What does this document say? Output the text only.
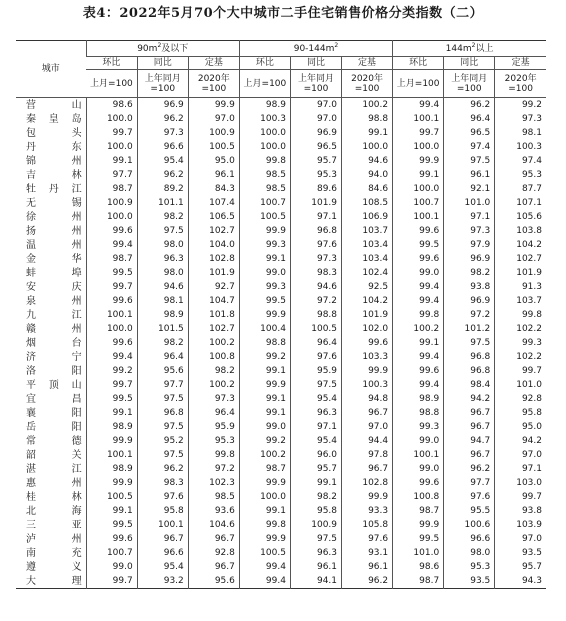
表4：2022年5月70个大中城市二手住宅销售价格分类指数（二）
城市	$90m^2$及以下			$90-144m^2$			$144m^2$以上		
	环比	同比	定基	环比	同比	定基	环比	同比	定基
	上月=100	上年同月=100	2020年=100	上月=100	上年同月=100	2020年=100	上月=100	上年同月=100	2020年=100
营　　山	98.6	96.9	99.9	98.9	97.0	100.2	99.4	96.2	99.2
秦皇岛	100.0	96.2	97.0	100.3	97.0	98.8	100.1	96.4	97.3
包　　头	99.7	97.3	100.9	100.0	96.9	99.1	99.7	96.5	98.1
丹　　东	100.0	96.6	100.5	100.0	96.5	100.0	100.0	97.4	100.3
锦　　州	99.1	95.4	95.0	99.8	95.7	94.6	99.9	97.5	97.4
吉　　林	97.7	96.2	96.1	98.5	95.3	94.0	99.1	96.1	95.3
牡丹江	98.7	89.2	84.3	98.5	89.6	84.6	100.0	92.1	87.7
无　　锡	100.9	101.1	107.4	100.7	101.9	108.5	100.7	101.0	107.1
徐　　州	100.0	98.2	106.5	100.5	97.1	106.9	100.1	97.1	105.6
扬　　州	99.6	97.5	102.7	99.9	96.8	103.7	99.6	97.3	103.8
温　　州	99.4	98.0	104.0	99.3	97.6	103.4	99.5	97.9	104.2
金　　华	98.7	96.3	102.8	99.1	97.3	103.4	99.6	96.9	102.7
蚌　　埠	99.5	98.0	101.9	99.0	98.3	102.4	99.0	98.2	101.9
安　　庆	99.7	94.6	92.7	99.3	94.6	92.5	99.4	93.8	91.3
泉　　州	99.6	98.1	104.7	99.5	97.2	104.2	99.4	96.9	103.7
九　　江	100.1	98.9	101.8	99.9	98.8	101.9	99.8	97.2	99.8
赣　　州	100.0	101.5	102.7	100.4	100.5	102.0	100.2	101.2	102.2
烟　　台	99.6	98.2	100.2	98.8	96.4	99.6	99.1	97.5	99.3
济　　宁	99.4	96.4	100.8	99.2	97.6	103.3	99.4	96.8	102.2
洛　　阳	99.2	95.6	98.2	99.1	95.9	99.9	99.6	96.8	99.7
平顶山	99.7	97.7	100.2	99.9	97.5	100.3	99.4	98.4	101.0
宜　　昌	99.5	97.5	97.3	99.1	95.4	94.8	98.9	94.2	92.8
襄　　阳	99.1	96.8	96.4	99.1	96.3	96.7	98.8	96.7	95.8
岳　　阳	98.9	97.5	95.9	99.0	97.1	97.0	99.3	96.7	95.0
常　　德	99.9	95.2	95.3	99.2	95.4	94.4	99.0	94.7	94.2
韶　　关	100.1	97.5	99.8	100.2	96.0	97.8	100.1	96.7	97.0
湛　　江	98.9	96.2	97.2	98.7	95.7	96.7	99.0	96.2	97.1
惠　　州	99.9	98.3	102.3	99.9	99.1	102.8	99.6	97.7	103.0
桂　　林	100.5	97.6	98.5	100.0	98.2	99.9	100.8	97.6	99.7
北　　海	99.1	95.8	93.6	99.1	95.8	93.3	98.7	95.5	93.8
三　　亚	99.5	100.1	104.6	99.8	100.9	105.8	99.9	100.6	103.9
泸　　州	99.6	96.7	96.7	99.9	97.5	97.6	99.5	96.6	97.0
南　　充	100.7	96.6	92.8	100.5	96.3	93.1	101.0	98.0	93.5
遵　　义	99.0	95.4	96.7	99.4	96.1	96.1	98.6	95.3	95.7
大　　理	99.7	93.2	95.6	99.4	94.1	96.2	98.7	93.5	94.3
